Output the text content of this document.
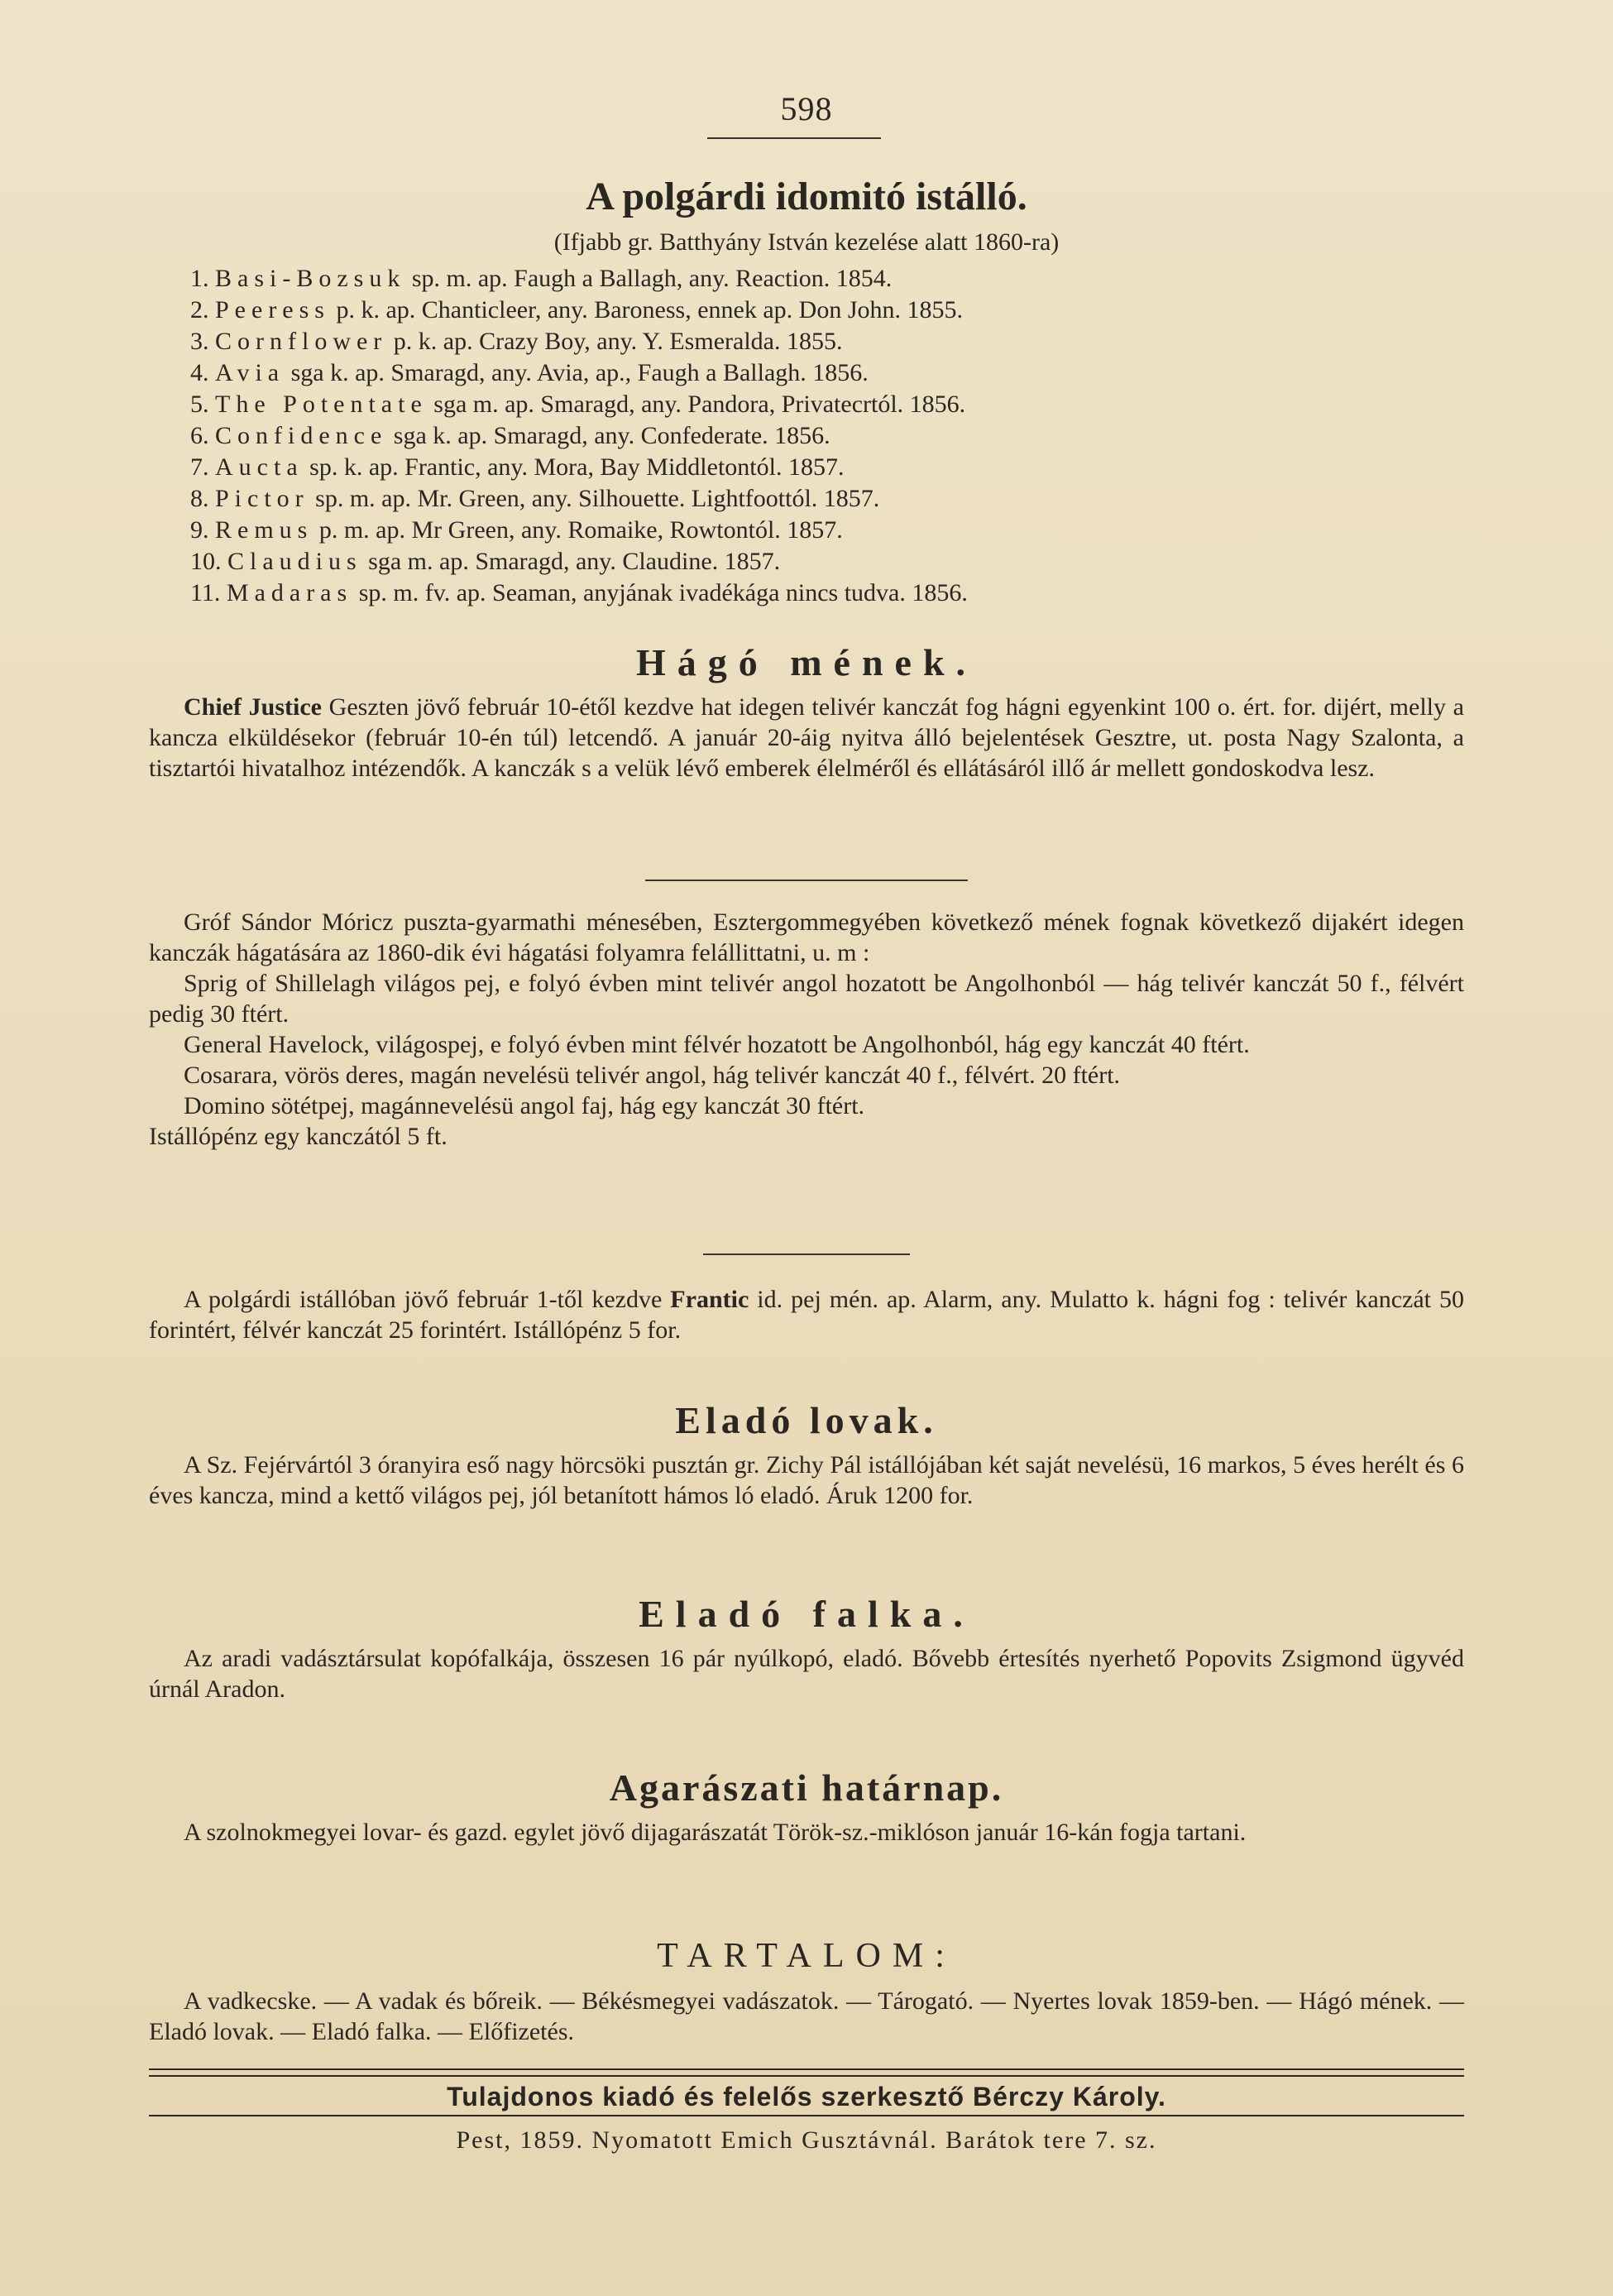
598
A polgárdi idomitó istálló.
(Ifjabb gr. Batthyány István kezelése alatt 1860-ra)
1. Basi-Bozsuk sp. m. ap. Faugh a Ballagh, any. Reaction. 1854.
2. Peeress p. k. ap. Chanticleer, any. Baroness, ennek ap. Don John. 1855.
3. Cornflower p. k. ap. Crazy Boy, any. Y. Esmeralda. 1855.
4. Avia sga k. ap. Smaragd, any. Avia, ap., Faugh a Ballagh. 1856.
5. The Potentate sga m. ap. Smaragd, any. Pandora, Privatecrtól. 1856.
6. Confidence sga k. ap. Smaragd, any. Confederate. 1856.
7. Aucta sp. k. ap. Frantic, any. Mora, Bay Middletontól. 1857.
8. Pictor sp. m. ap. Mr. Green, any. Silhouette. Lightfoottól. 1857.
9. Remus p. m. ap. Mr Green, any. Romaike, Rowtontól. 1857.
10. Claudius sga m. ap. Smaragd, any. Claudine. 1857.
11. Madaras sp. m. fv. ap. Seaman, anyjának ivadékága nincs tudva. 1856.
Hágó mének.
Chief Justice Geszten jövő február 10-étől kezdve hat idegen telivér kanczát fog hágni egyenkint 100 o. ért. for. dijért, melly a kancza elküldésekor (február 10-én túl) letcendő. A január 20-áig nyitva álló bejelentések Gesztre, ut. posta Nagy Szalonta, a tisztartói hivatalhoz intézendők. A kanczák s a velük lévő emberek élelméről és ellátásáról illő ár mellett gondoskodva lesz.
Gróf Sándor Móricz puszta-gyarmathi ménesében, Esztergommegyében következő mének fognak következő dijakért idegen kanczák hágatására az 1860-dik évi hágatási folyamra felállittatni, u. m :
Sprig of Shillelagh világos pej, e folyó évben mint telivér angol hozatott be Angolhonból — hág telivér kanczát 50 f., félvért pedig 30 ftért.
General Havelock, világospej, e folyó évben mint félvér hozatott be Angolhonból, hág egy kanczát 40 ftért.
Cosarara, vörös deres, magán nevelésü telivér angol, hág telivér kanczát 40 f., félvért. 20 ftért.
Domino sötétpej, magánnevelésü angol faj, hág egy kanczát 30 ftért.
Istállópénz egy kanczától 5 ft.
A polgárdi istállóban jövő február 1-től kezdve Frantic id. pej mén. ap. Alarm, any. Mulatto k. hágni fog : telivér kanczát 50 forintért, félvér kanczát 25 forintért. Istállópénz 5 for.
Eladó lovak.
A Sz. Fejérvártól 3 óranyira eső nagy hörcsöki pusztán gr. Zichy Pál istállójában két saját nevelésü, 16 markos, 5 éves herélt és 6 éves kancza, mind a kettő világos pej, jól betanított hámos ló eladó. Áruk 1200 for.
Eladó falka.
Az aradi vadásztársulat kopófalkája, összesen 16 pár nyúlkopó, eladó. Bővebb értesítés nyerhető Popovits Zsigmond ügyvéd úrnál Aradon.
Agarászati határnap.
A szolnokmegyei lovar- és gazd. egylet jövő dijagarászatát Török-sz.-miklóson január 16-kán fogja tartani.
TARTALOM:
A vadkecske. — A vadak és bőreik. — Békésmegyei vadászatok. — Tárogató. — Nyertes lovak 1859-ben. — Hágó mének. — Eladó lovak. — Eladó falka. — Előfizetés.
Tulajdonos kiadó és felelős szerkesztő Bérczy Károly.
Pest, 1859. Nyomatott Emich Gusztávnál. Barátok tere 7. sz.
